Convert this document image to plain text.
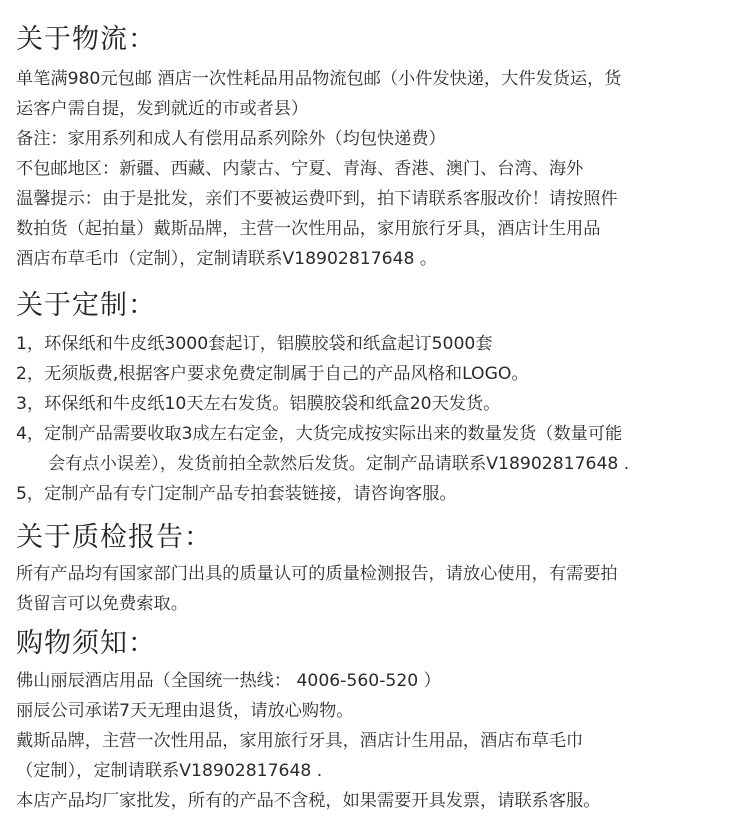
关于物流：

单笔满980元包邮 酒店一次性耗品用品物流包邮（小件发快递，大件发货运，货

运客户需自提，发到就近的市或者县）

备注：家用系列和成人有偿用品系列除外（均包快递费）

不包邮地区：新疆、西藏、内蒙古、宁夏、青海、香港、澳门、台湾、海外

温馨提示：由于是批发，亲们不要被运费吓到，拍下请联系客服改价！请按照件

数拍货（起拍量）戴斯品牌，主营一次性用品，家用旅行牙具，酒店计生用品

酒店布草毛巾（定制），定制请联系V18902817648 。

关于定制：

1，环保纸和牛皮纸3000套起订，铝膜胶袋和纸盒起订5000套

2，无须版费,根据客户要求免费定制属于自己的产品风格和LOGO。

3，环保纸和牛皮纸10天左右发货。铝膜胶袋和纸盒20天发货。

4，定制产品需要收取3成左右定金，大货完成按实际出来的数量发货（数量可能

会有点小误差），发货前拍全款然后发货。定制产品请联系V18902817648 .

5，定制产品有专门定制产品专拍套装链接，请咨询客服。

关于质检报告：

所有产品均有国家部门出具的质量认可的质量检测报告，请放心使用，有需要拍

货留言可以免费索取。

购物须知：

佛山丽辰酒店用品（全国统一热线： 4006-560-520 ）

丽辰公司承诺7天无理由退货，请放心购物。

戴斯品牌，主营一次性用品，家用旅行牙具，酒店计生用品，酒店布草毛巾

（定制），定制请联系V18902817648 .

本店产品均厂家批发，所有的产品不含税，如果需要开具发票，请联系客服。
